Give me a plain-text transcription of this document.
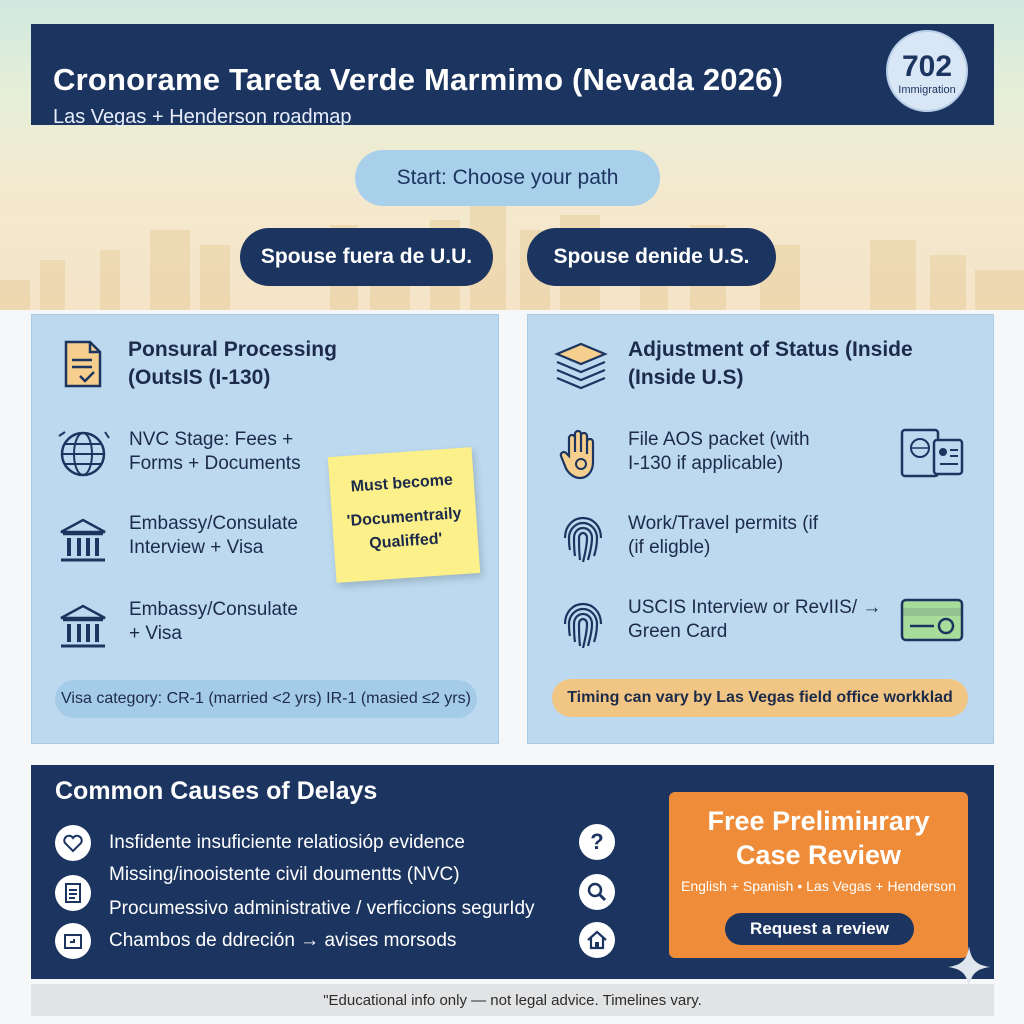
Cronorame Tareta Verde Marmimo (Nevada 2026)
Las Vegas + Henderson roadmap
702
Immigration
Start: Choose your path
Spouse fuera de U.U.	Spouse denide U.S.
Ponsural Processing
(OutsIS (I-130)
NVC Stage: Fees +
Forms + Documents
Embassy/Consulate
Interview + Visa
Embassy/Consulate
+ Visa
Must become
'Documentraily
Qualiffed'
Visa category: CR-1 (married <2 yrs) IR-1 (masied ≤2 yrs)
Adjustment of Status (Inside
(Inside U.S)
File AOS packet (with
I-130 if applicable)
Work/Travel permits (if
(if eligble)
USCIS Interview or RevIIS/ →
Green Card
Timing can vary by Las Vegas field office workklad
Common Causes of Delays
Insfidente insuficiente relatiosióp evidence
Missing/inooistente civil doumentts (NVC)
Procumessivo administrative / verficcions segurIdy
Chambos de ddreción → avises morsods
?
Free Prelimінrary
Case Review
English + Spanish • Las Vegas + Henderson
Request a review
"Educational info only — not legal advice. Timelines vary.
